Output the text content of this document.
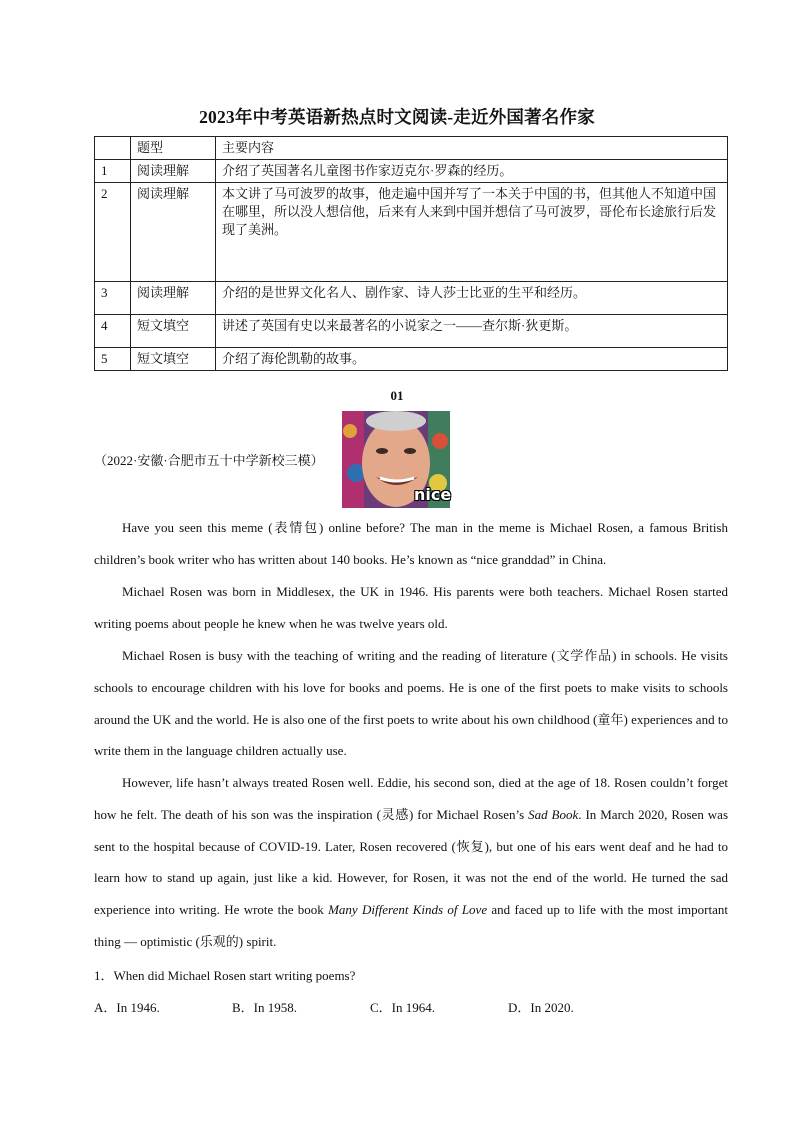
2023年中考英语新热点时文阅读-走近外国著名作家
	题型	主要内容
1	阅读理解	介绍了英国著名儿童图书作家迈克尔·罗森的经历。
2	阅读理解	本文讲了马可波罗的故事，他走遍中国并写了一本关于中国的书，但其他人不知道中国在哪里，所以没人想信他，后来有人来到中国并想信了马可波罗，哥伦布长途旅行后发现了美洲。
3	阅读理解	介绍的是世界文化名人、剧作家、诗人莎士比亚的生平和经历。
4	短文填空	讲述了英国有史以来最著名的小说家之一——查尔斯·狄更斯。
5	短文填空	介绍了海伦凯勒的故事。
01
（2022·安徽·合肥市五十中学新校三模）
nice

Have you seen this meme (表情包) online before? The man in the meme is Michael Rosen, a famous British children’s book writer who has written about 140 books. He’s known as “nice granddad” in China.

Michael Rosen was born in Middlesex, the UK in 1946. His parents were both teachers. Michael Rosen started writing poems about people he knew when he was twelve years old.

Michael Rosen is busy with the teaching of writing and the reading of literature (文学作品) in schools. He visits schools to encourage children with his love for books and poems. He is one of the first poets to make visits to schools around the UK and the world. He is also one of the first poets to write about his own childhood (童年) experiences and to write them in the language children actually use.

However, life hasn’t always treated Rosen well. Eddie, his second son, died at the age of 18. Rosen couldn’t forget how he felt. The death of his son was the inspiration (灵感) for Michael Rosen’s Sad Book. In March 2020, Rosen was sent to the hospital because of COVID-19. Later, Rosen recovered (恢复), but one of his ears went deaf and he had to learn how to stand up again, just like a kid. However, for Rosen, it was not the end of the world. He turned the sad experience into writing. He wrote the book Many Different Kinds of Love and faced up to life with the most important thing — optimistic (乐观的) spirit.

1．When did Michael Rosen start writing poems?
A．In 1946.	B．In 1958.	C．In 1964.	D．In 2020.
